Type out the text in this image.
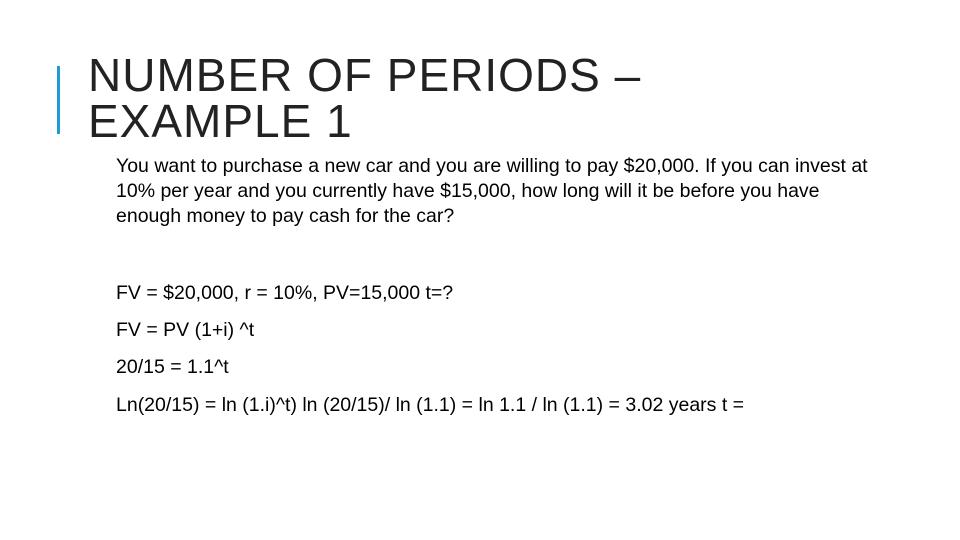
NUMBER OF PERIODS –
EXAMPLE 1

You want to purchase a new car and you are willing to pay $20,000. If you can invest at 10% per year and you currently have $15,000, how long will it be before you have enough money to pay cash for the car?

FV = $20,000, r = 10%, PV=15,000 t=?
FV = PV (1+i) ^t
20/15 = 1.1^t
Ln(20/15) = ln (1.i)^t) ln (20/15)/ ln (1.1) = ln 1.1 / ln (1.1) = 3.02 years t =
